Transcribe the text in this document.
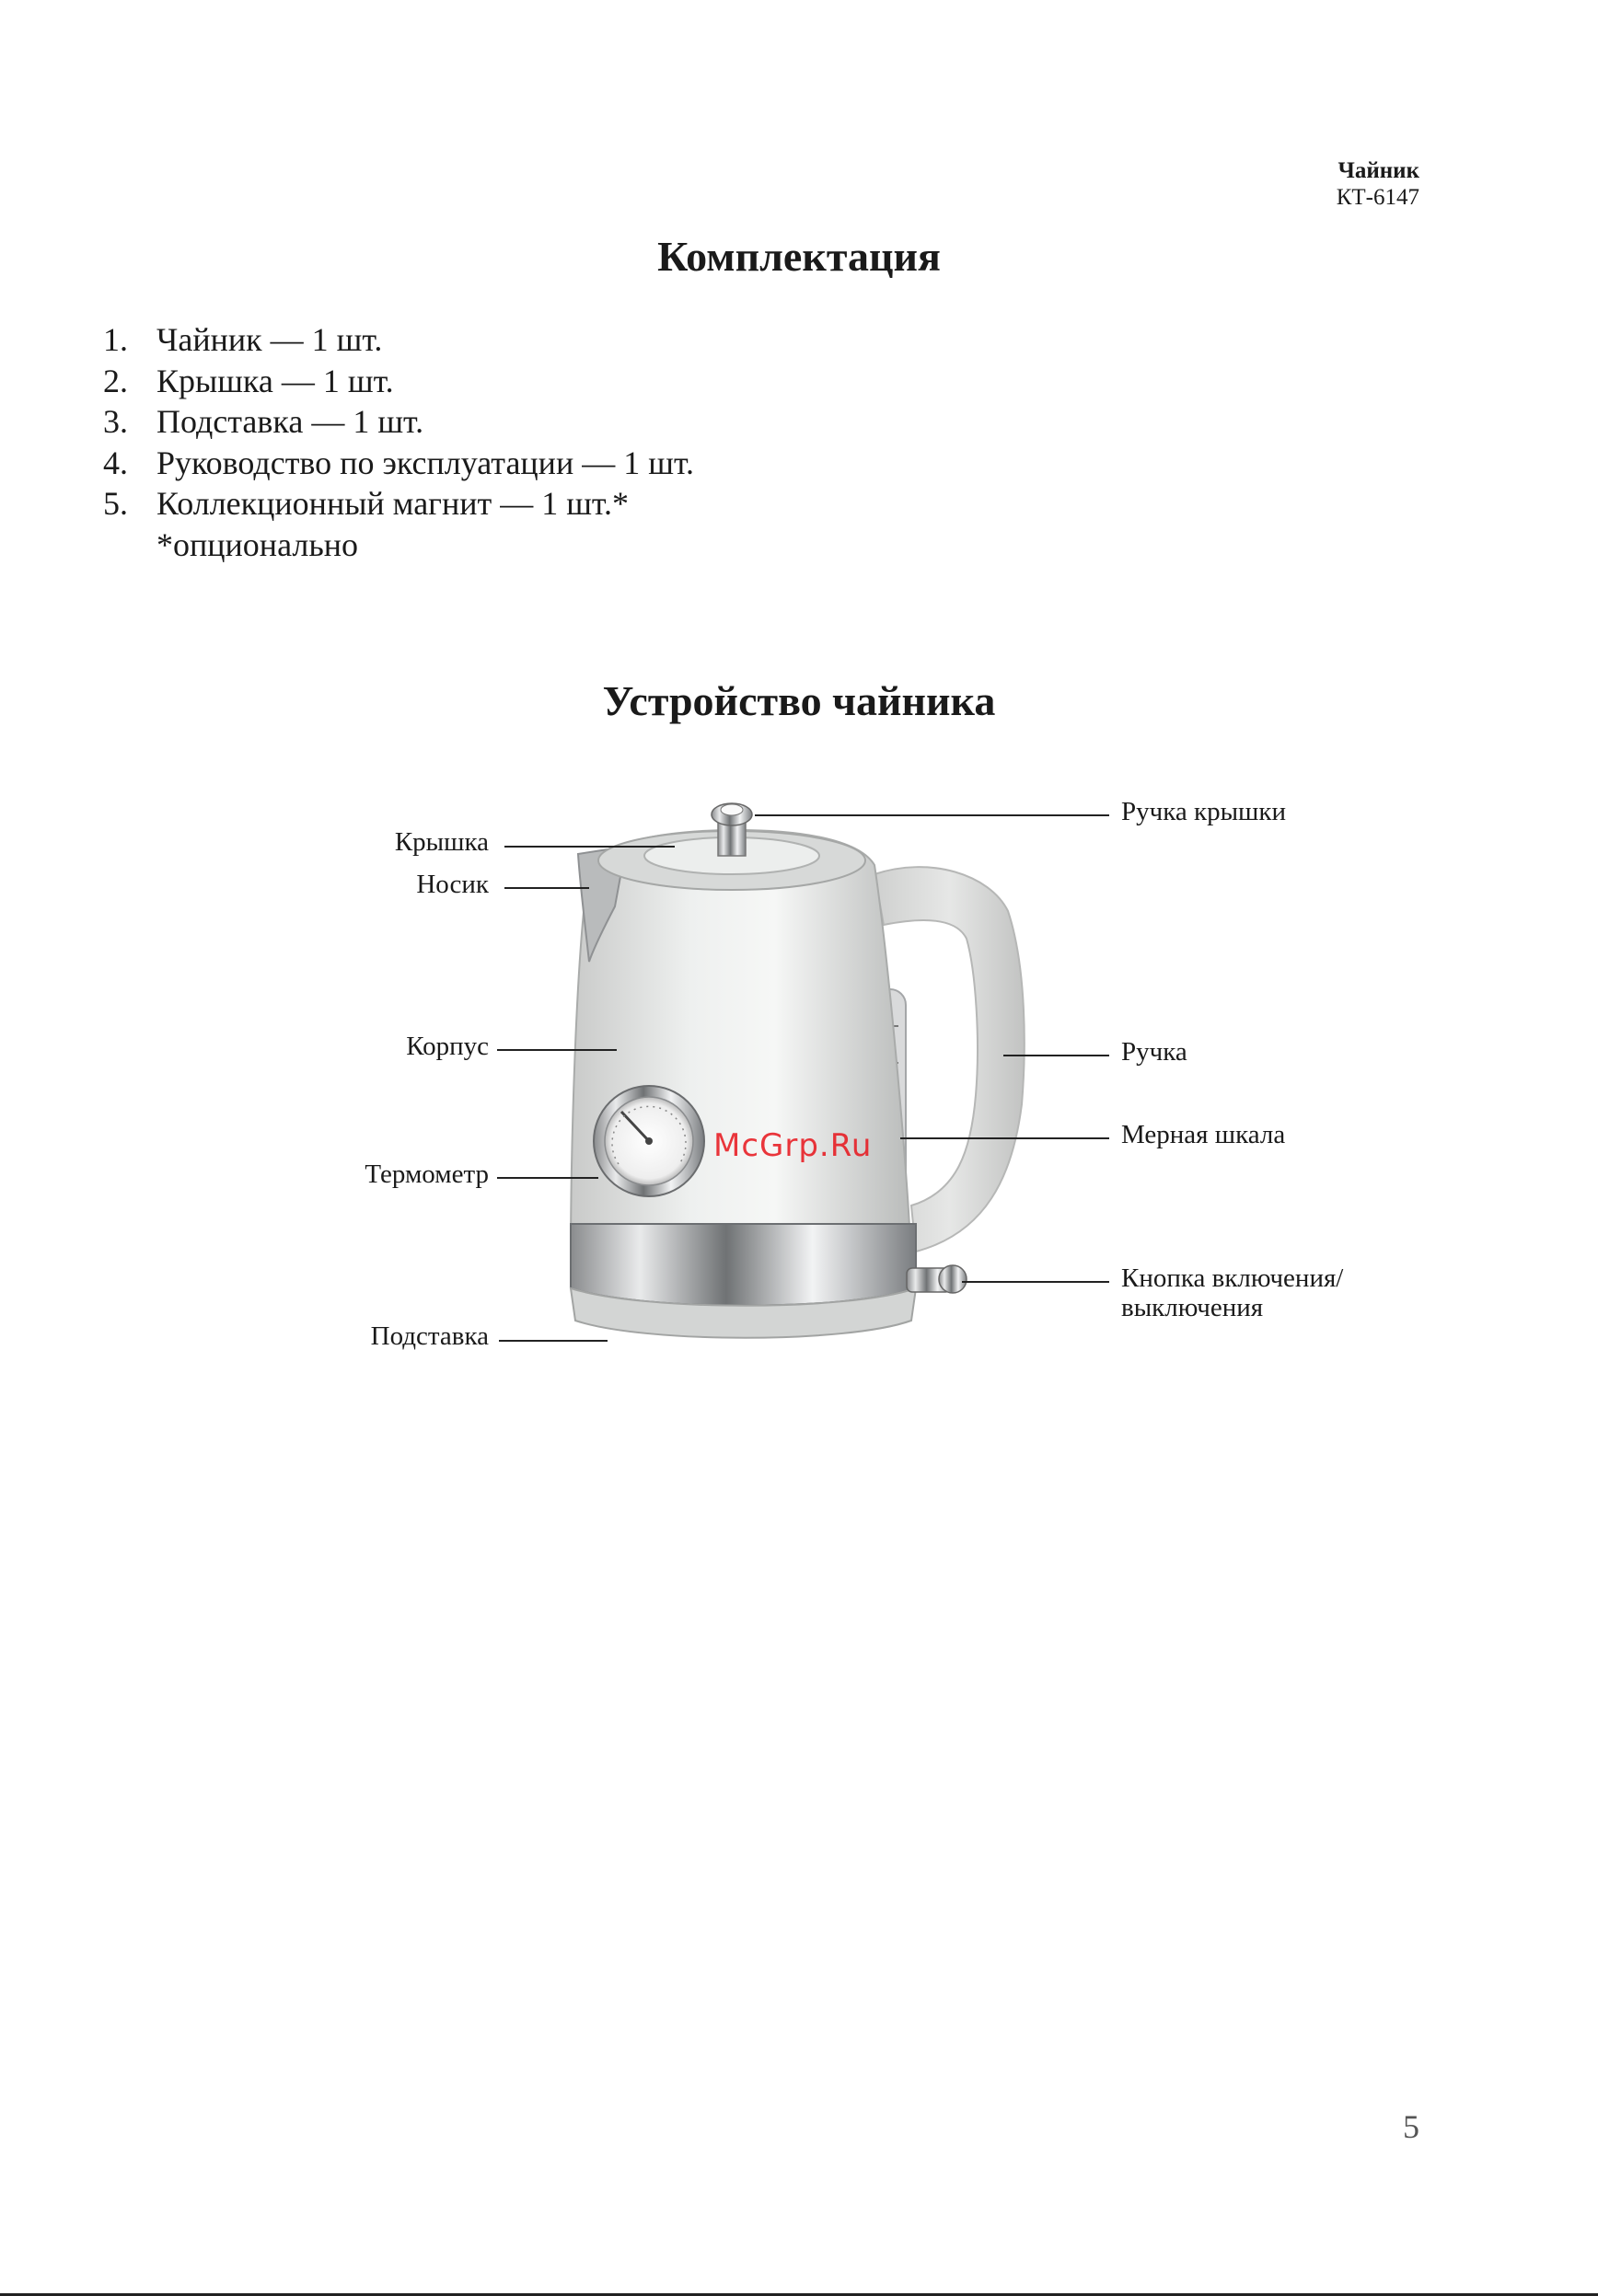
Чайник
КТ-6147
Комплектация
1. Чайник — 1 шт.
2. Крышка — 1 шт.
3. Подставка — 1 шт.
4. Руководство по эксплуатации — 1 шт.
5. Коллекционный магнит — 1 шт.*
*опционально
Устройство чайника
Крышка
Носик
Корпус
Термометр
Подставка
Ручка крышки
Ручка
Мерная шкала
Кнопка включения/
выключения
McGrp.Ru
5
